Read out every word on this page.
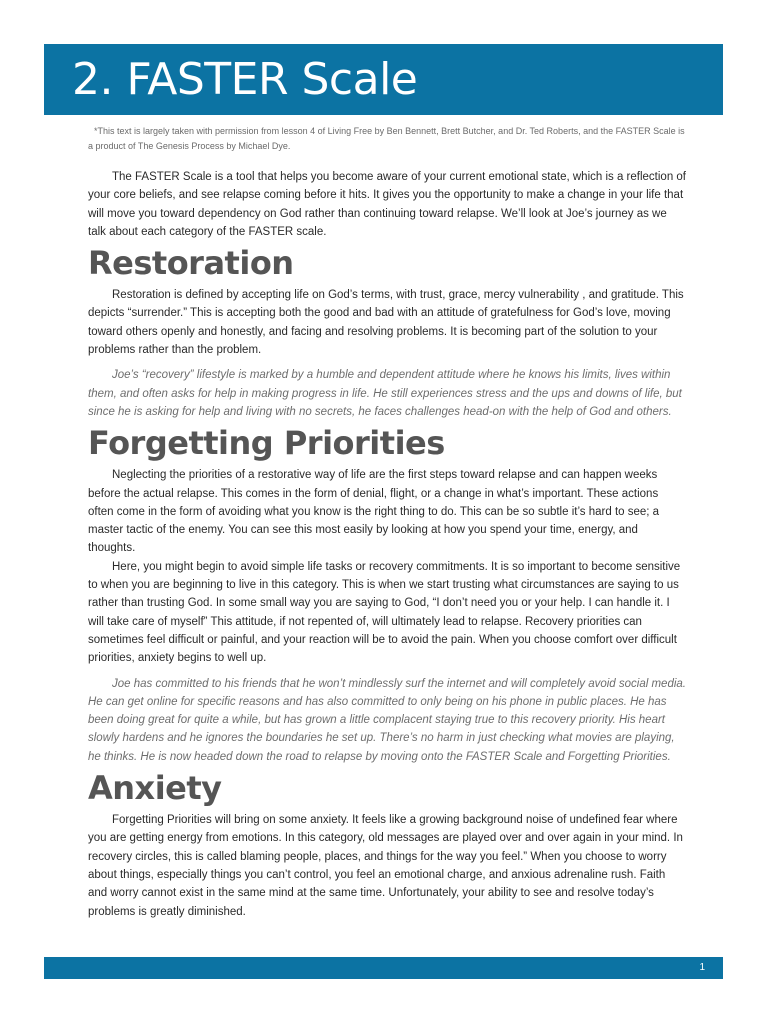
2. FASTER Scale

*This text is largely taken with permission from lesson 4 of Living Free by Ben Bennett, Brett Butcher, and Dr. Ted Roberts, and the FASTER Scale is a product of The Genesis Process by Michael Dye.

The FASTER Scale is a tool that helps you become aware of your current emotional state, which is a reflection of your core beliefs, and see relapse coming before it hits. It gives you the opportunity to make a change in your life that will move you toward dependency on God rather than continuing toward relapse. We’ll look at Joe’s journey as we talk about each category of the FASTER scale.

Restoration

Restoration is defined by accepting life on God’s terms, with trust, grace, mercy vulnerability , and gratitude. This depicts “surrender.” This is accepting both the good and bad with an attitude of gratefulness for God’s love, moving toward others openly and honestly, and facing and resolving problems. It is becoming part of the solution to your problems rather than the problem.

Joe’s “recovery” lifestyle is marked by a humble and dependent attitude where he knows his limits, lives within them, and often asks for help in making progress in life. He still experiences stress and the ups and downs of life, but since he is asking for help and living with no secrets, he faces challenges head-on with the help of God and others.

Forgetting Priorities

Neglecting the priorities of a restorative way of life are the first steps toward relapse and can happen weeks before the actual relapse. This comes in the form of denial, flight, or a change in what’s important. These actions often come in the form of avoiding what you know is the right thing to do. This can be so subtle it’s hard to see; a master tactic of the enemy. You can see this most easily by looking at how you spend your time, energy, and thoughts.

Here, you might begin to avoid simple life tasks or recovery commitments. It is so important to become sensitive to when you are beginning to live in this category. This is when we start trusting what circumstances are saying to us rather than trusting God. In some small way you are saying to God, “I don’t need you or your help. I can handle it. I will take care of myself” This attitude, if not repented of, will ultimately lead to relapse. Recovery priorities can sometimes feel difficult or painful, and your reaction will be to avoid the pain. When you choose comfort over difficult priorities, anxiety begins to well up.

Joe has committed to his friends that he won’t mindlessly surf the internet and will completely avoid social media. He can get online for specific reasons and has also committed to only being on his phone in public places. He has been doing great for quite a while, but has grown a little complacent staying true to this recovery priority. His heart slowly hardens and he ignores the boundaries he set up. There’s no harm in just checking what movies are playing, he thinks. He is now headed down the road to relapse by moving onto the FASTER Scale and Forgetting Priorities.

Anxiety

Forgetting Priorities will bring on some anxiety. It feels like a growing background noise of undefined fear where you are getting energy from emotions. In this category, old messages are played over and over again in your mind. In recovery circles, this is called blaming people, places, and things for the way you feel.” When you choose to worry about things, especially things you can’t control, you feel an emotional charge, and anxious adrenaline rush. Faith and worry cannot exist in the same mind at the same time. Unfortunately, your ability to see and resolve today’s problems is greatly diminished.

1
